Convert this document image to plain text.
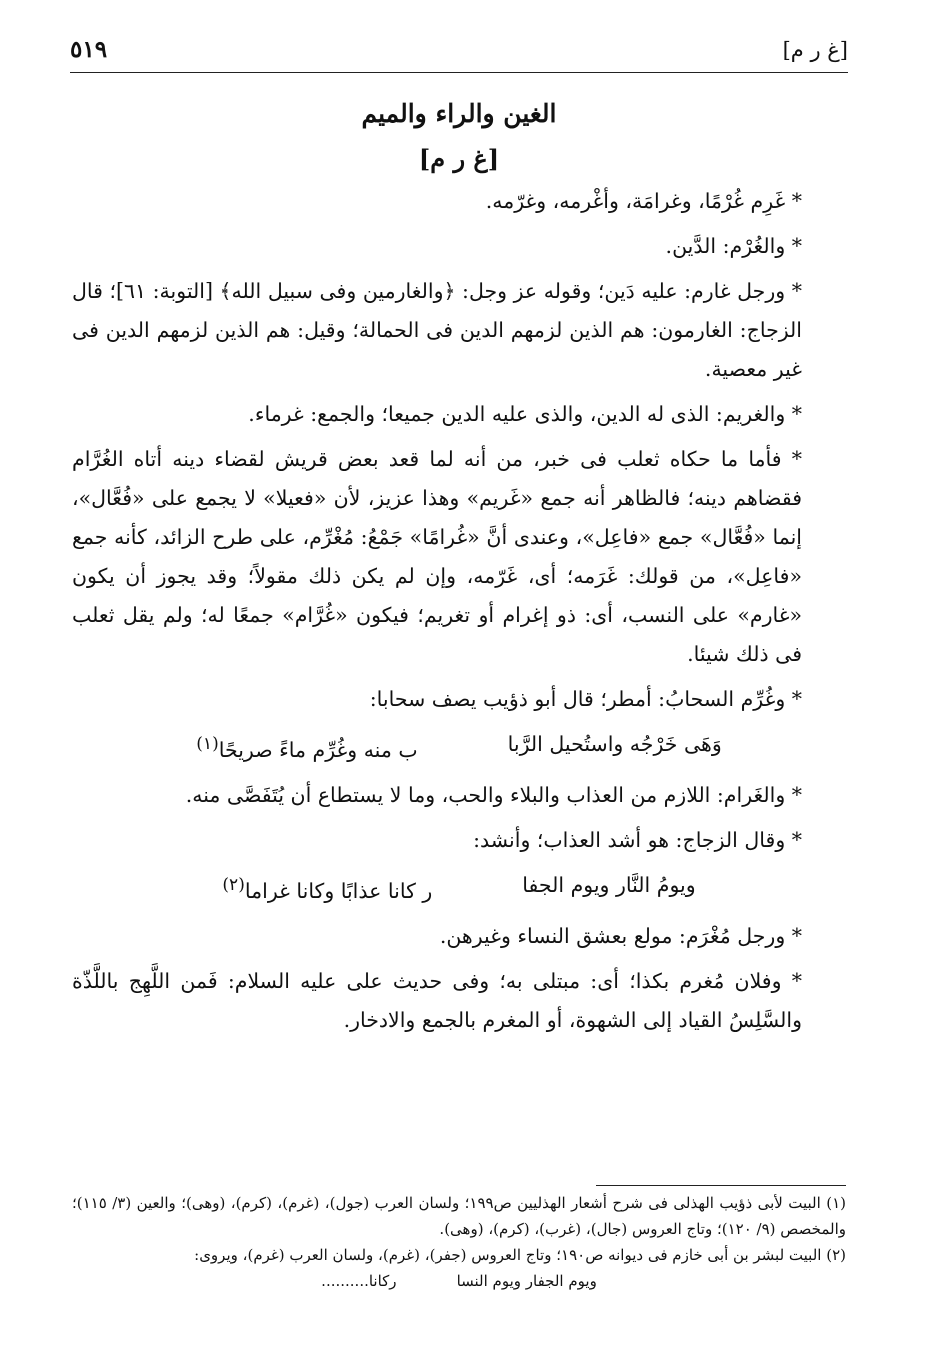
[غ ر م]
٥١٩
الغين والراء والميم
[غ ر م]

* غَرِم غُرْمًا، وغرامَة، وأغْرمه، وغرّمه.

* والغُرْم: الدَّين.

* ورجل غارم: عليه دَين؛ وقوله عز وجل: ﴿والغارمين وفى سبيل الله﴾ [التوبة: ٦١]؛ قال الزجاج: الغارمون: هم الذين لزمهم الدين فى الحمالة؛ وقيل: هم الذين لزمهم الدين فى غير معصية.

* والغريم: الذى له الدين، والذى عليه الدين جميعا؛ والجمع: غرماء.

* فأما ما حكاه ثعلب فى خبر، من أنه لما قعد بعض قريش لقضاء دينه أتاه الغُرَّام فقضاهم دينه؛ فالظاهر أنه جمع «غَريم» وهذا عزيز، لأن «فعيلا» لا يجمع على «فُعَّال»، إنما «فُعَّال» جمع «فاعِل»، وعندى أنَّ «غُرامًا» جَمْعُ: مُغْرِّم، على طرح الزائد، كأنه جمع «فاعِل»، من قولك: غَرَمه؛ أى، غَرّمه، وإن لم يكن ذلك مقولاً؛ وقد يجوز أن يكون «غارم» على النسب، أى: ذو إغرام أو تغريم؛ فيكون «غُرَّام» جمعًا له؛ ولم يقل ثعلب فى ذلك شيئا.

* وغُرِّم السحابُ: أمطر؛ قال أبو ذؤيب يصف سحابا:

وَهَى خَرْجُه واستُحيل الرَّبا
ب منه وغُرِّم ماءً صريحًا$^{(١)}$

* والغَرام: اللازم من العذاب والبلاء والحب، وما لا يستطاع أن يُتَفَصَّى منه.

* وقال الزجاج: هو أشد العذاب؛ وأنشد:

ويومُ النَّار ويوم الجفا
ر كانا عذابًا وكانا غراما$^{(٢)}$

* ورجل مُغْرَم: مولع بعشق النساء وغيرهن.

* وفلان مُغرم بكذا؛ أى: مبتلى به؛ وفى حديث على عليه السلام: فَمن اللَّهِج باللَّذّة والسَّلِسُ القياد إلى الشهوة، أو المغرم بالجمع والادخار.

(١) البيت لأبى ذؤيب الهذلى فى شرح أشعار الهذليين ص١٩٩؛ ولسان العرب (جول)، (غرم)، (كرم)، (وهى)؛ والعين (٣/ ١١٥)؛ والمخصص (٩/ ١٢٠)؛ وتاج العروس (جال)، (غرب)، (كرم)، (وهى).

(٢) البيت لبشر بن أبى خازم فى ديوانه ص١٩٠؛ وتاج العروس (جفر)، (غرم)، ولسان العرب (غرم)، ويروى:

ويوم الجفار ويوم النسا
ركانا..........
